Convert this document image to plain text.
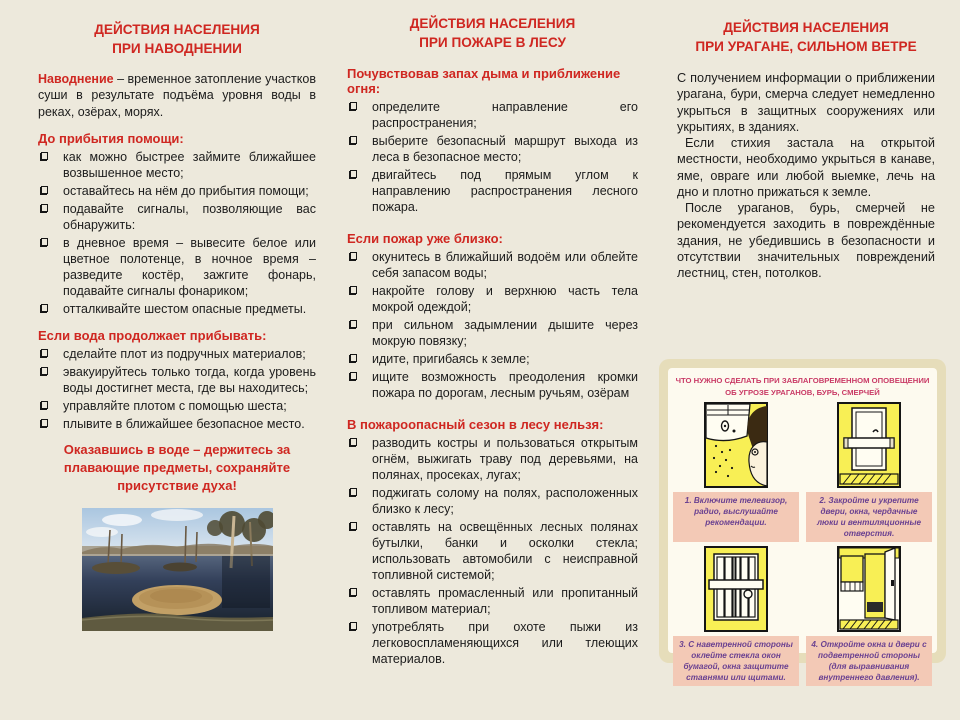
ДЕЙСТВИЯ НАСЕЛЕНИЯ
ПРИ НАВОДНЕНИИ

Наводнение – временное затопление участков суши в результате подъёма уровня воды в реках, озёрах, морях.

До прибытия помощи:
как можно быстрее займите ближайшее возвышенное место;
оставайтесь на нём до прибытия помощи;
подавайте сигналы, позволяющие вас обнаружить:
в дневное время – вывесите белое или цветное полотенце, в ночное время – разведите костёр, зажгите фонарь, подавайте сигналы фонариком;
отталкивайте шестом опасные предметы.
Если вода продолжает прибывать:
сделайте плот из подручных материалов;
эвакуируйтесь только тогда, когда уровень воды достигнет места, где вы находитесь;
управляйте плотом с помощью шеста;
плывите в ближайшее безопасное место.
Оказавшись в воде – держитесь за плавающие предметы, сохраняйте присутствие духа!
ДЕЙСТВИЯ НАСЕЛЕНИЯ
ПРИ ПОЖАРЕ В ЛЕСУ
Почувствовав запах дыма и приближение огня:
определите направление его распространения;
выберите безопасный маршрут выхода из леса в безопасное место;
двигайтесь под прямым углом к направлению распространения лесного пожара.
Если пожар уже близко:
окунитесь в ближайший водоём или облейте себя запасом воды;
накройте голову и верхнюю часть тела мокрой одеждой;
при сильном задымлении дышите через мокрую повязку;
идите, пригибаясь к земле;
ищите возможность преодоления кромки пожара по дорогам, лесным ручьям, озёрам
В пожароопасный сезон в лесу нельзя:
разводить костры и пользоваться открытым огнём, выжигать траву под деревьями, на полянах, просеках, лугах;
поджигать солому на полях, расположенных близко к лесу;
оставлять на освещённых лесных полянах бутылки, банки и осколки стекла; использовать автомобили с неисправной топливной системой;
оставлять промасленный или пропитанный топливом материал;
употреблять при охоте пыжи из легковоспламеняющихся или тлеющих материалов.
ДЕЙСТВИЯ НАСЕЛЕНИЯ
ПРИ УРАГАНЕ, СИЛЬНОМ ВЕТРЕ

С получением информации о приближении урагана, бури, смерча следует немедленно укрыться в защитных сооружениях или укрытиях, в зданиях.

Если стихия застала на открытой местности, необходимо укрыться в канаве, яме, овраге или любой выемке, лечь на дно и плотно прижаться к земле.

После ураганов, бурь, смерчей не рекомендуется заходить в повреждённые здания, не убедившись в безопасности и отсутствии значительных повреждений лестниц, стен, потолков.

ЧТО НУЖНО СДЕЛАТЬ ПРИ ЗАБЛАГОВРЕМЕННОМ ОПОВЕЩЕНИИ ОБ УГРОЗЕ УРАГАНОВ, БУРЬ, СМЕРЧЕЙ
1. Включите телевизор, радио, выслушайте рекомендации.
2. Закройте и укрепите двери, окна, чердачные люки и вентиляционные отверстия.
3. С наветренной стороны оклейте стекла окон бумагой, окна защитите ставнями или щитами.
4. Откройте окна и двери с подветренной стороны (для выравнивания внутреннего давления).
